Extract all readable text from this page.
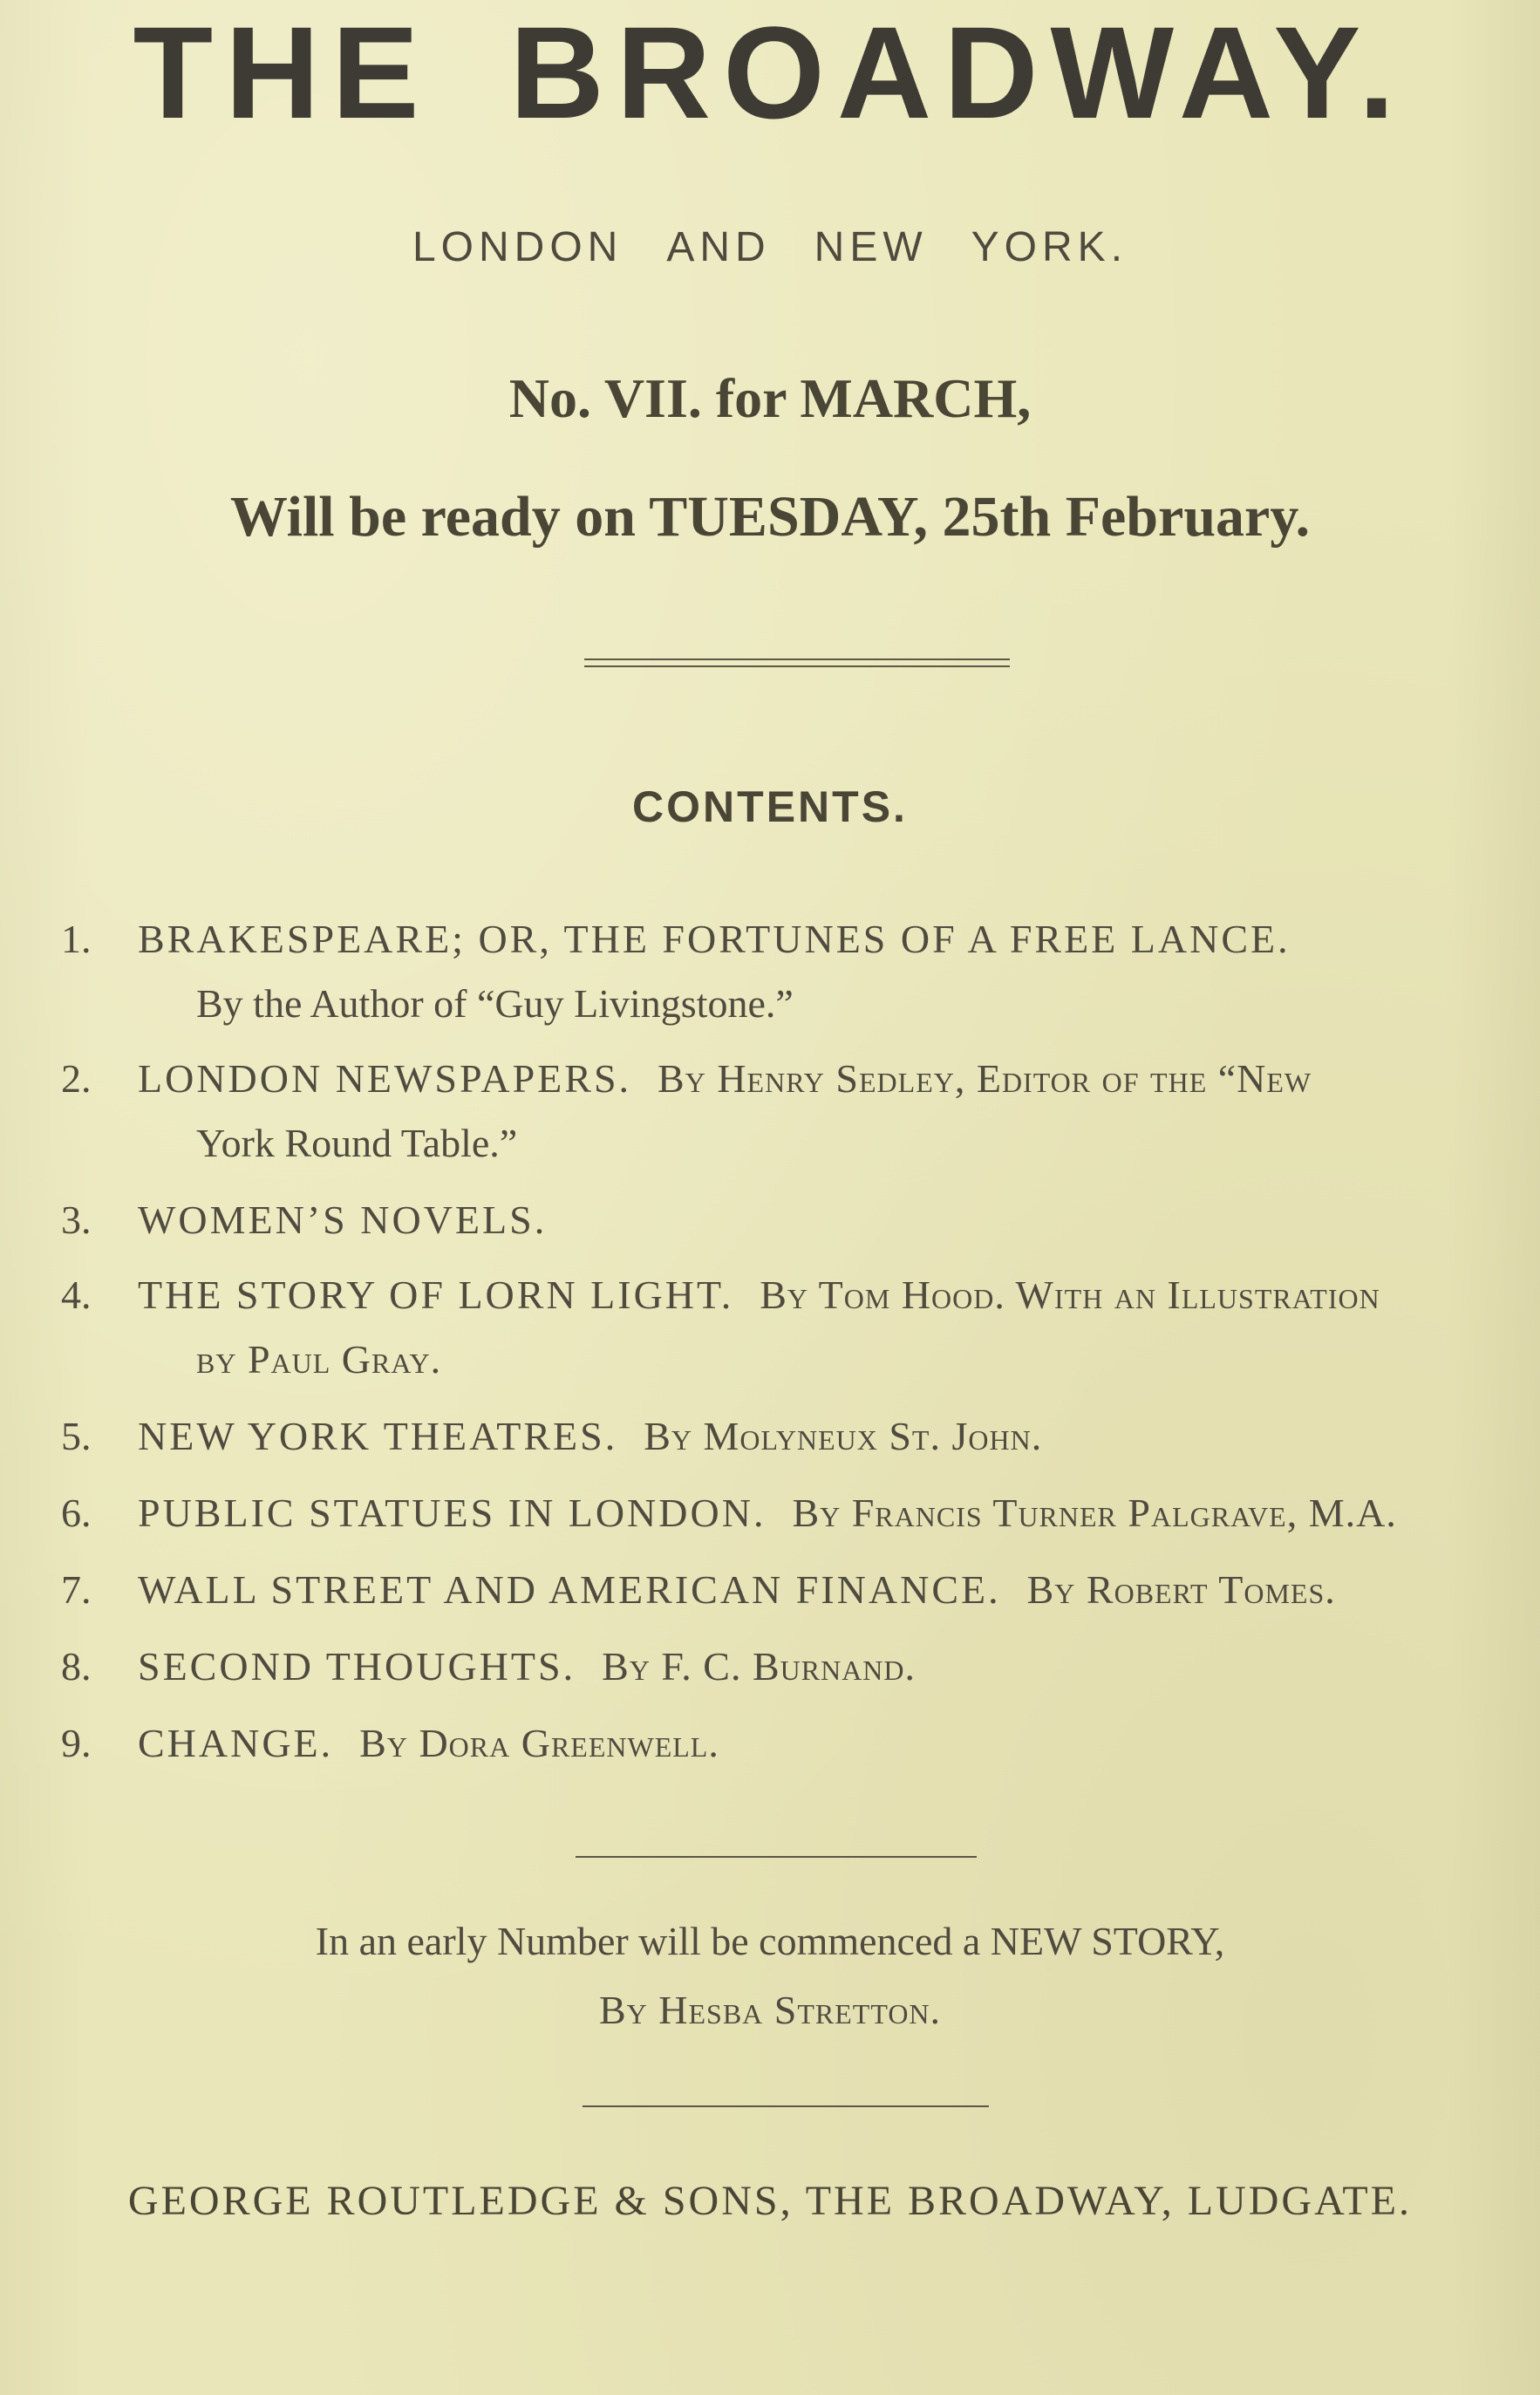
THE BROADWAY.
LONDON AND NEW YORK.
No. VII. for MARCH,
Will be ready on TUESDAY, 25th February.
CONTENTS.
1.	BRAKESPEARE; OR, THE FORTUNES OF A FREE LANCE.
By the Author of “Guy Livingstone.”
2.	LONDON NEWSPAPERS. By Henry Sedley, Editor of the “New
York Round Table.”
3.	WOMEN’S NOVELS.
4.	THE STORY OF LORN LIGHT. By Tom Hood. With an Illustration
by Paul Gray.
5.	NEW YORK THEATRES. By Molyneux St. John.
6.	PUBLIC STATUES IN LONDON. By Francis Turner Palgrave, M.A.
7.	WALL STREET AND AMERICAN FINANCE. By Robert Tomes.
8.	SECOND THOUGHTS. By F. C. Burnand.
9.	CHANGE. By Dora Greenwell.
In an early Number will be commenced a NEW STORY,
By Hesba Stretton.
GEORGE ROUTLEDGE & SONS, THE BROADWAY, LUDGATE.
